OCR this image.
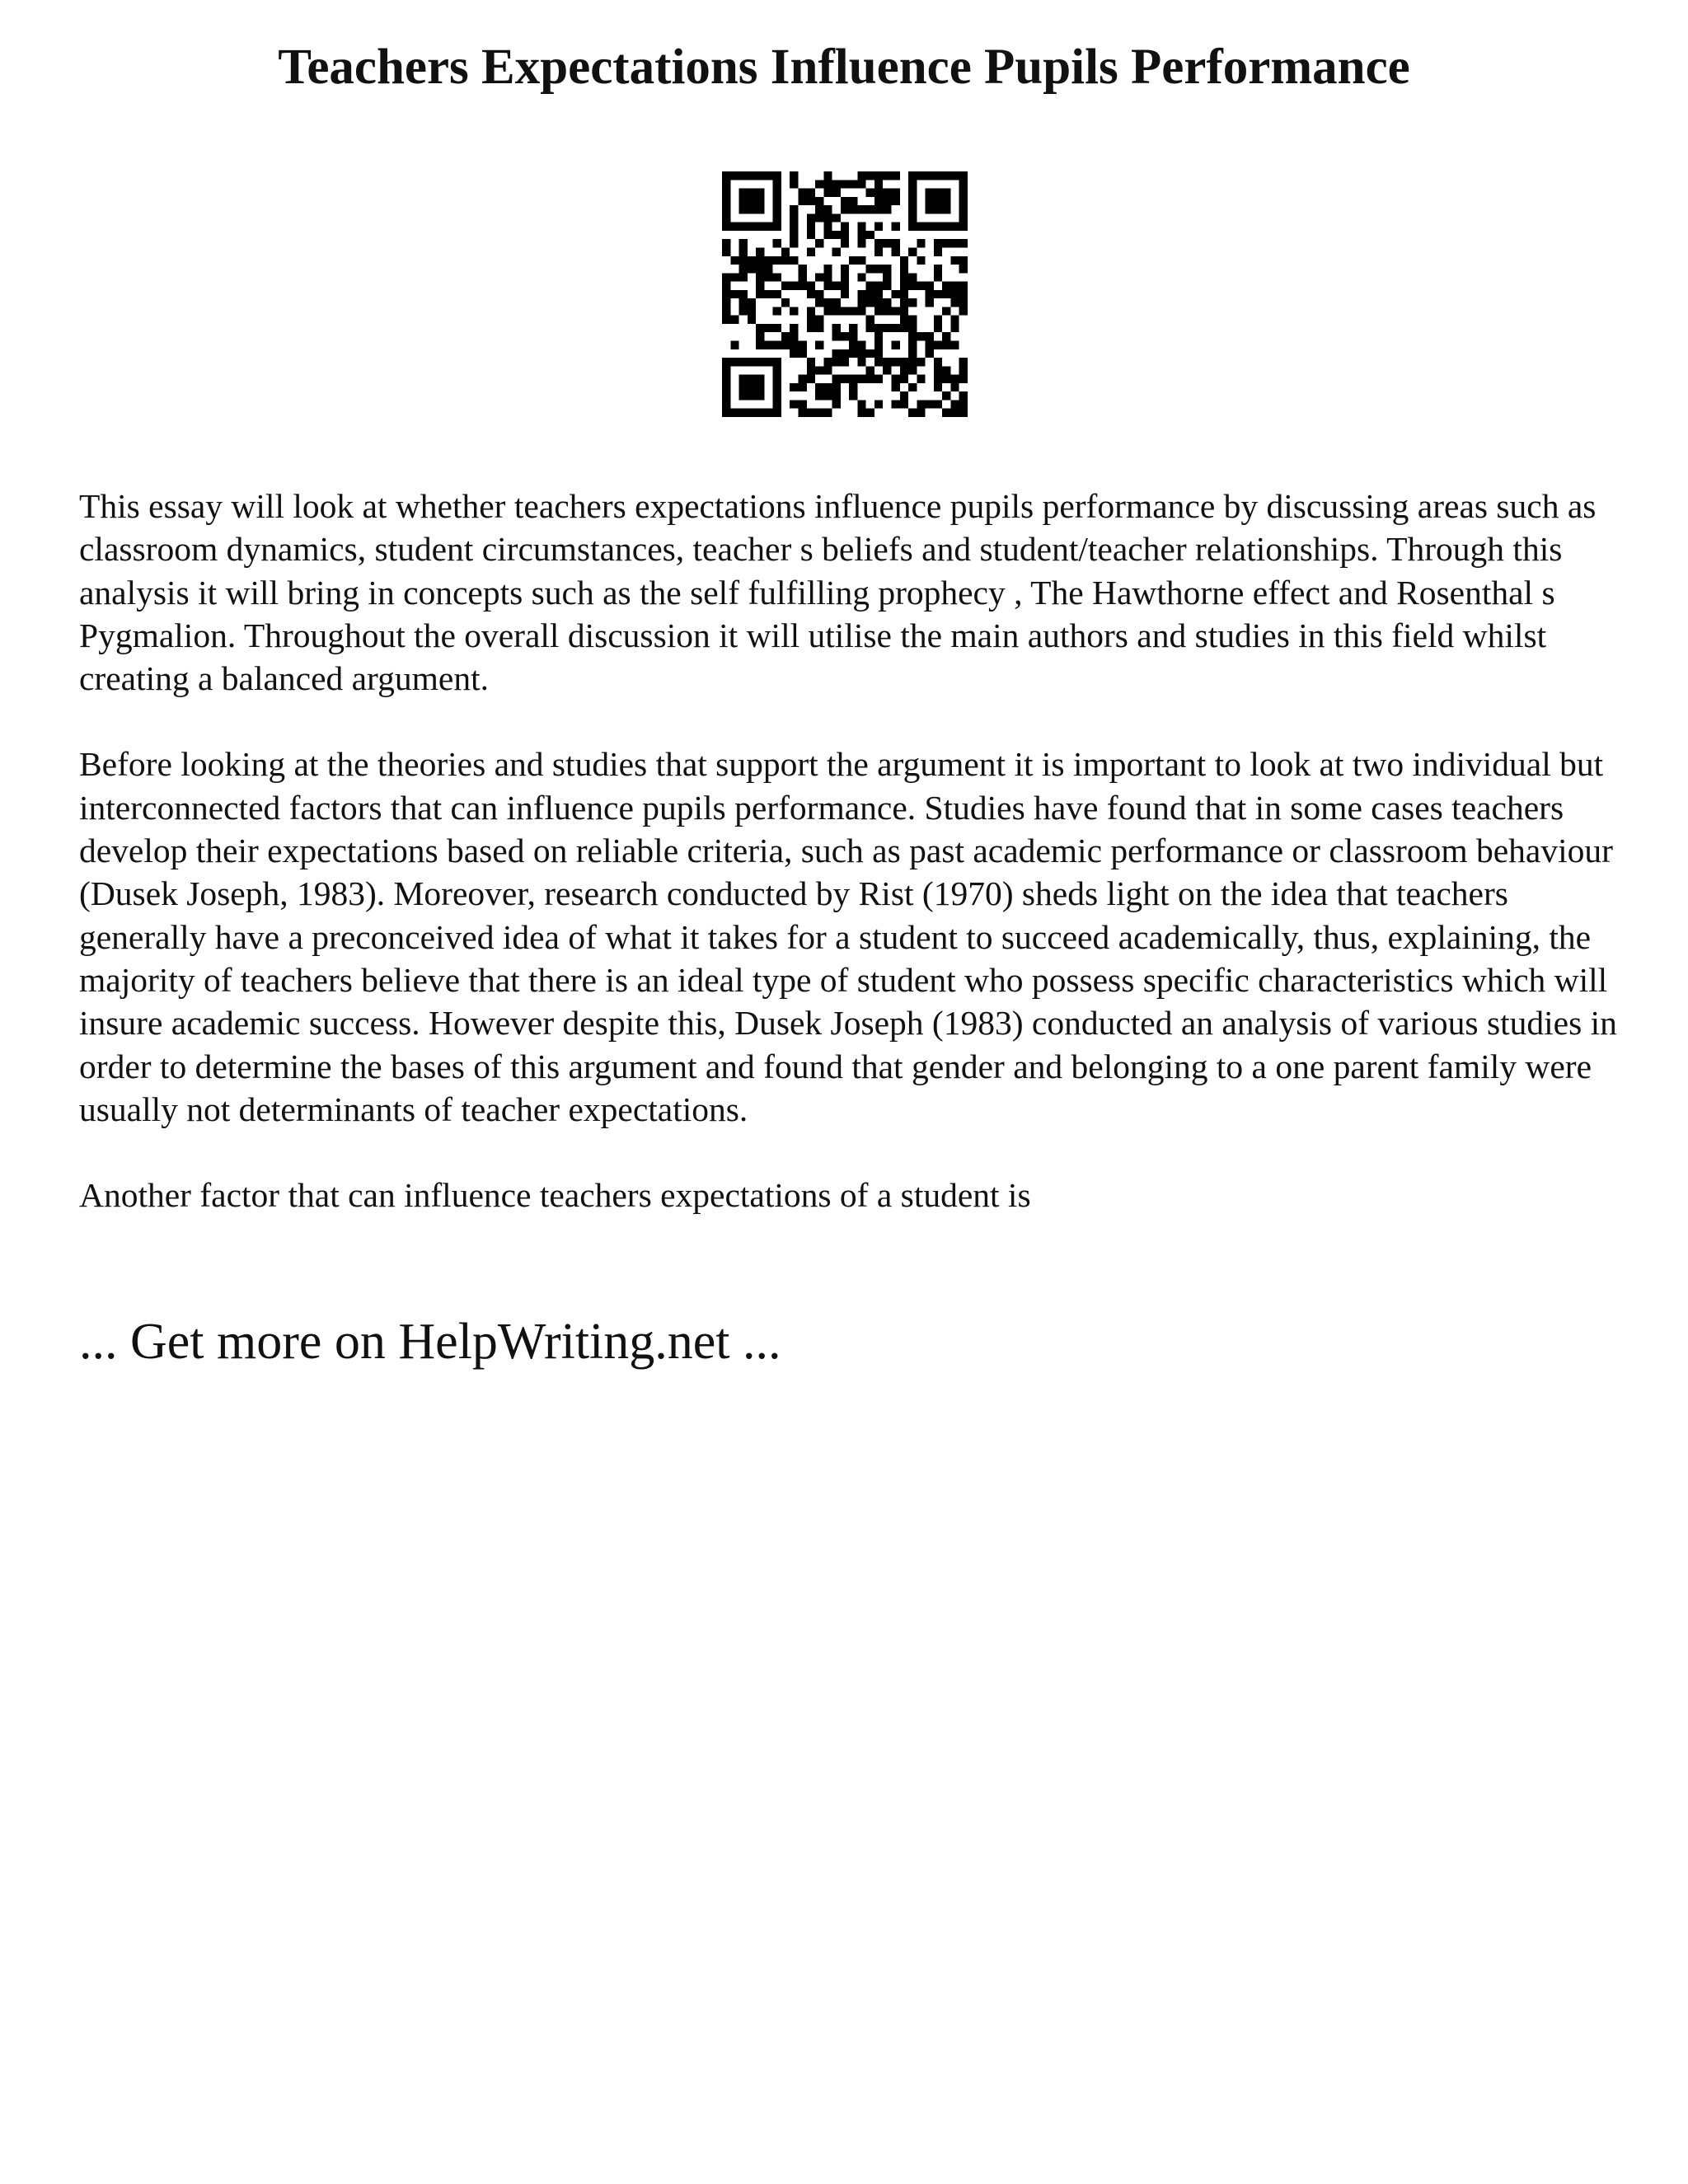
Teachers Expectations Influence Pupils Performance

This essay will look at whether teachers expectations influence pupils performance by discussing areas such as classroom dynamics, student circumstances, teacher s beliefs and student/teacher relationships. Through this analysis it will bring in concepts such as the self fulfilling prophecy , The Hawthorne effect and Rosenthal s Pygmalion. Throughout the overall discussion it will utilise the main authors and studies in this field whilst creating a balanced argument.

Before looking at the theories and studies that support the argument it is important to look at two individual but interconnected factors that can influence pupils performance. Studies have found that in some cases teachers develop their expectations based on reliable criteria, such as past academic performance or classroom behaviour (Dusek Joseph, 1983). Moreover, research conducted by Rist (1970) sheds light on the idea that teachers generally have a preconceived idea of what it takes for a student to succeed academically, thus, explaining, the majority of teachers believe that there is an ideal type of student who possess specific characteristics which will insure academic success. However despite this, Dusek Joseph (1983) conducted an analysis of various studies in order to determine the bases of this argument and found that gender and belonging to a one parent family were usually not determinants of teacher expectations.

Another factor that can influence teachers expectations of a student is

... Get more on HelpWriting.net ...
